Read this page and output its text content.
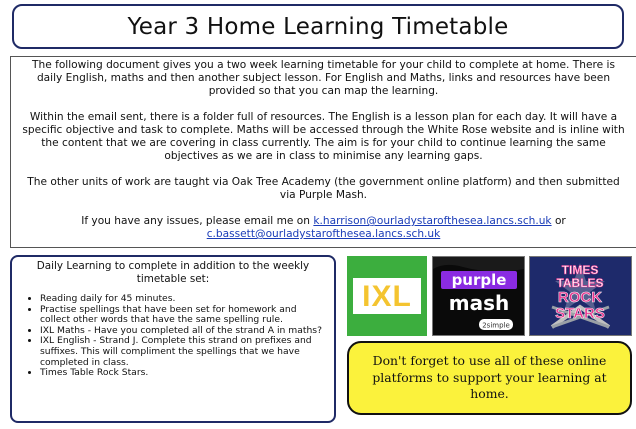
Year 3 Home Learning Timetable

The following document gives you a two week learning timetable for your child to complete at home. There is daily English, maths and then another subject lesson. For English and Maths, links and resources have been provided so that you can map the learning.

Within the email sent, there is a folder full of resources. The English is a lesson plan for each day. It will have a specific objective and task to complete. Maths will be accessed through the White Rose website and is inline with the content that we are covering in class currently. The aim is for your child to continue learning the same objectives as we are in class to minimise any learning gaps.

The other units of work are taught via Oak Tree Academy (the government online platform) and then submitted via Purple Mash.

If you have any issues, please email me on k.harrison@ourladystarofthesea.lancs.sch.uk or
c.bassett@ourladystarofthesea.lancs.sch.uk

Daily Learning to complete in addition to the weekly timetable set:

• Reading daily for 45 minutes.
• Practise spellings that have been set for homework and collect other words that have the same spelling rule.
• IXL Maths - Have you completed all of the strand A in maths?
• IXL English - Strand J. Complete this strand on prefixes and suffixes. This will compliment the spellings that we have completed in class.
• Times Table Rock Stars.
IXL	purple
mash
2simple
TIMES
TABLES
ROCK
STARS
Don't forget to use all of these online platforms to support your learning at home.
